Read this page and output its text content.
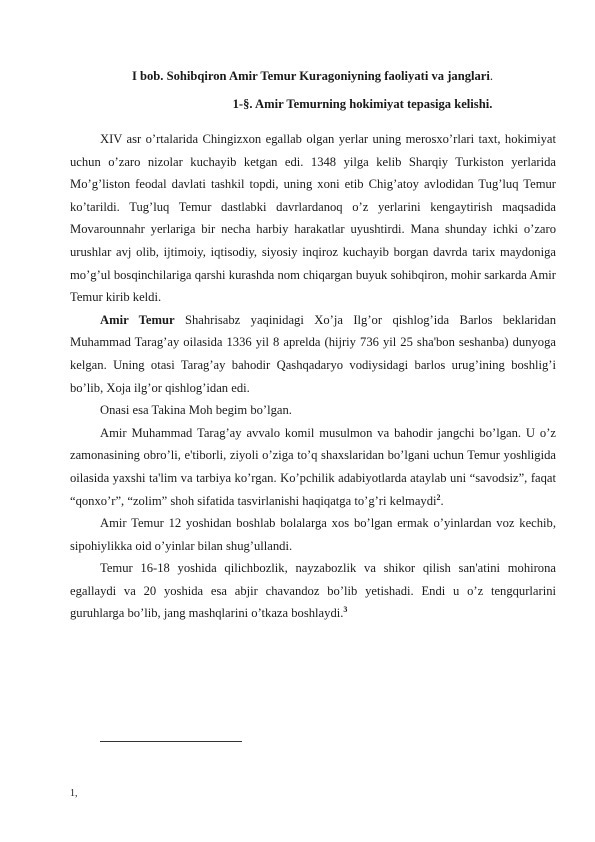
I bob. Sohibqiron Amir Temur Kuragoniyning faoliyati va janglari.
1-§. Amir Temurning hokimiyat tepasiga kelishi.

XIV asr o’rtalarida Chingizxon egallab olgan yerlar uning merosxo’rlari taxt, hokimiyat uchun o’zaro nizolar kuchayib ketgan edi. 1348 yilga kelib Sharqiy Turkiston yerlarida Mo’g’liston feodal davlati tashkil topdi, uning xoni etib Chig’atoy avlodidan Tug’luq Temur ko’tarildi. Tug’luq Temur dastlabki davrlardanoq o’z yerlarini kengaytirish maqsadida Movarounnahr yerlariga bir necha harbiy harakatlar uyushtirdi. Mana shunday ichki o’zaro urushlar avj olib, ijtimoiy, iqtisodiy, siyosiy inqiroz kuchayib borgan davrda tarix maydoniga mo’g’ul bosqinchilariga qarshi kurashda nom chiqargan buyuk sohibqiron, mohir sarkarda Amir Temur kirib keldi.

Amir Temur Shahrisabz yaqinidagi Xo’ja Ilg’or qishlog’ida Barlos beklaridan Muhammad Tarag’ay oilasida 1336 yil 8 aprelda (hijriy 736 yil 25 sha'bon seshanba) dunyoga kelgan. Uning otasi Tarag’ay bahodir Qashqadaryo vodiysidagi barlos urug’ining boshlig’i bo’lib, Xoja ilg’or qishlog’idan edi.

Onasi esa Takina Moh begim bo’lgan.

Amir Muhammad Tarag’ay avvalo komil musulmon va bahodir jangchi bo’lgan. U o’z zamonasining obro’li, e'tiborli, ziyoli o’ziga to’q shaxslaridan bo’lgani uchun Temur yoshligida oilasida yaxshi ta'lim va tarbiya ko’rgan. Ko’pchilik adabiyotlarda ataylab uni “savodsiz”, faqat “qonxo’r”, “zolim” shoh sifatida tasvirlanishi haqiqatga to’g’ri kelmaydi$^2$.

Amir Temur 12 yoshidan boshlab bolalarga xos bo’lgan ermak o’yinlardan voz kechib, sipohiylikka oid o’yinlar bilan shug’ullandi.

Temur 16-18 yoshida qilichbozlik, nayzabozlik va shikor qilish san'atini mohirona egallaydi va 20 yoshida esa abjir chavandoz bo’lib yetishadi. Endi u o’z tengqurlarini guruhlarga bo’lib, jang mashqlarini o’tkaza boshlaydi.$^3$

1,
